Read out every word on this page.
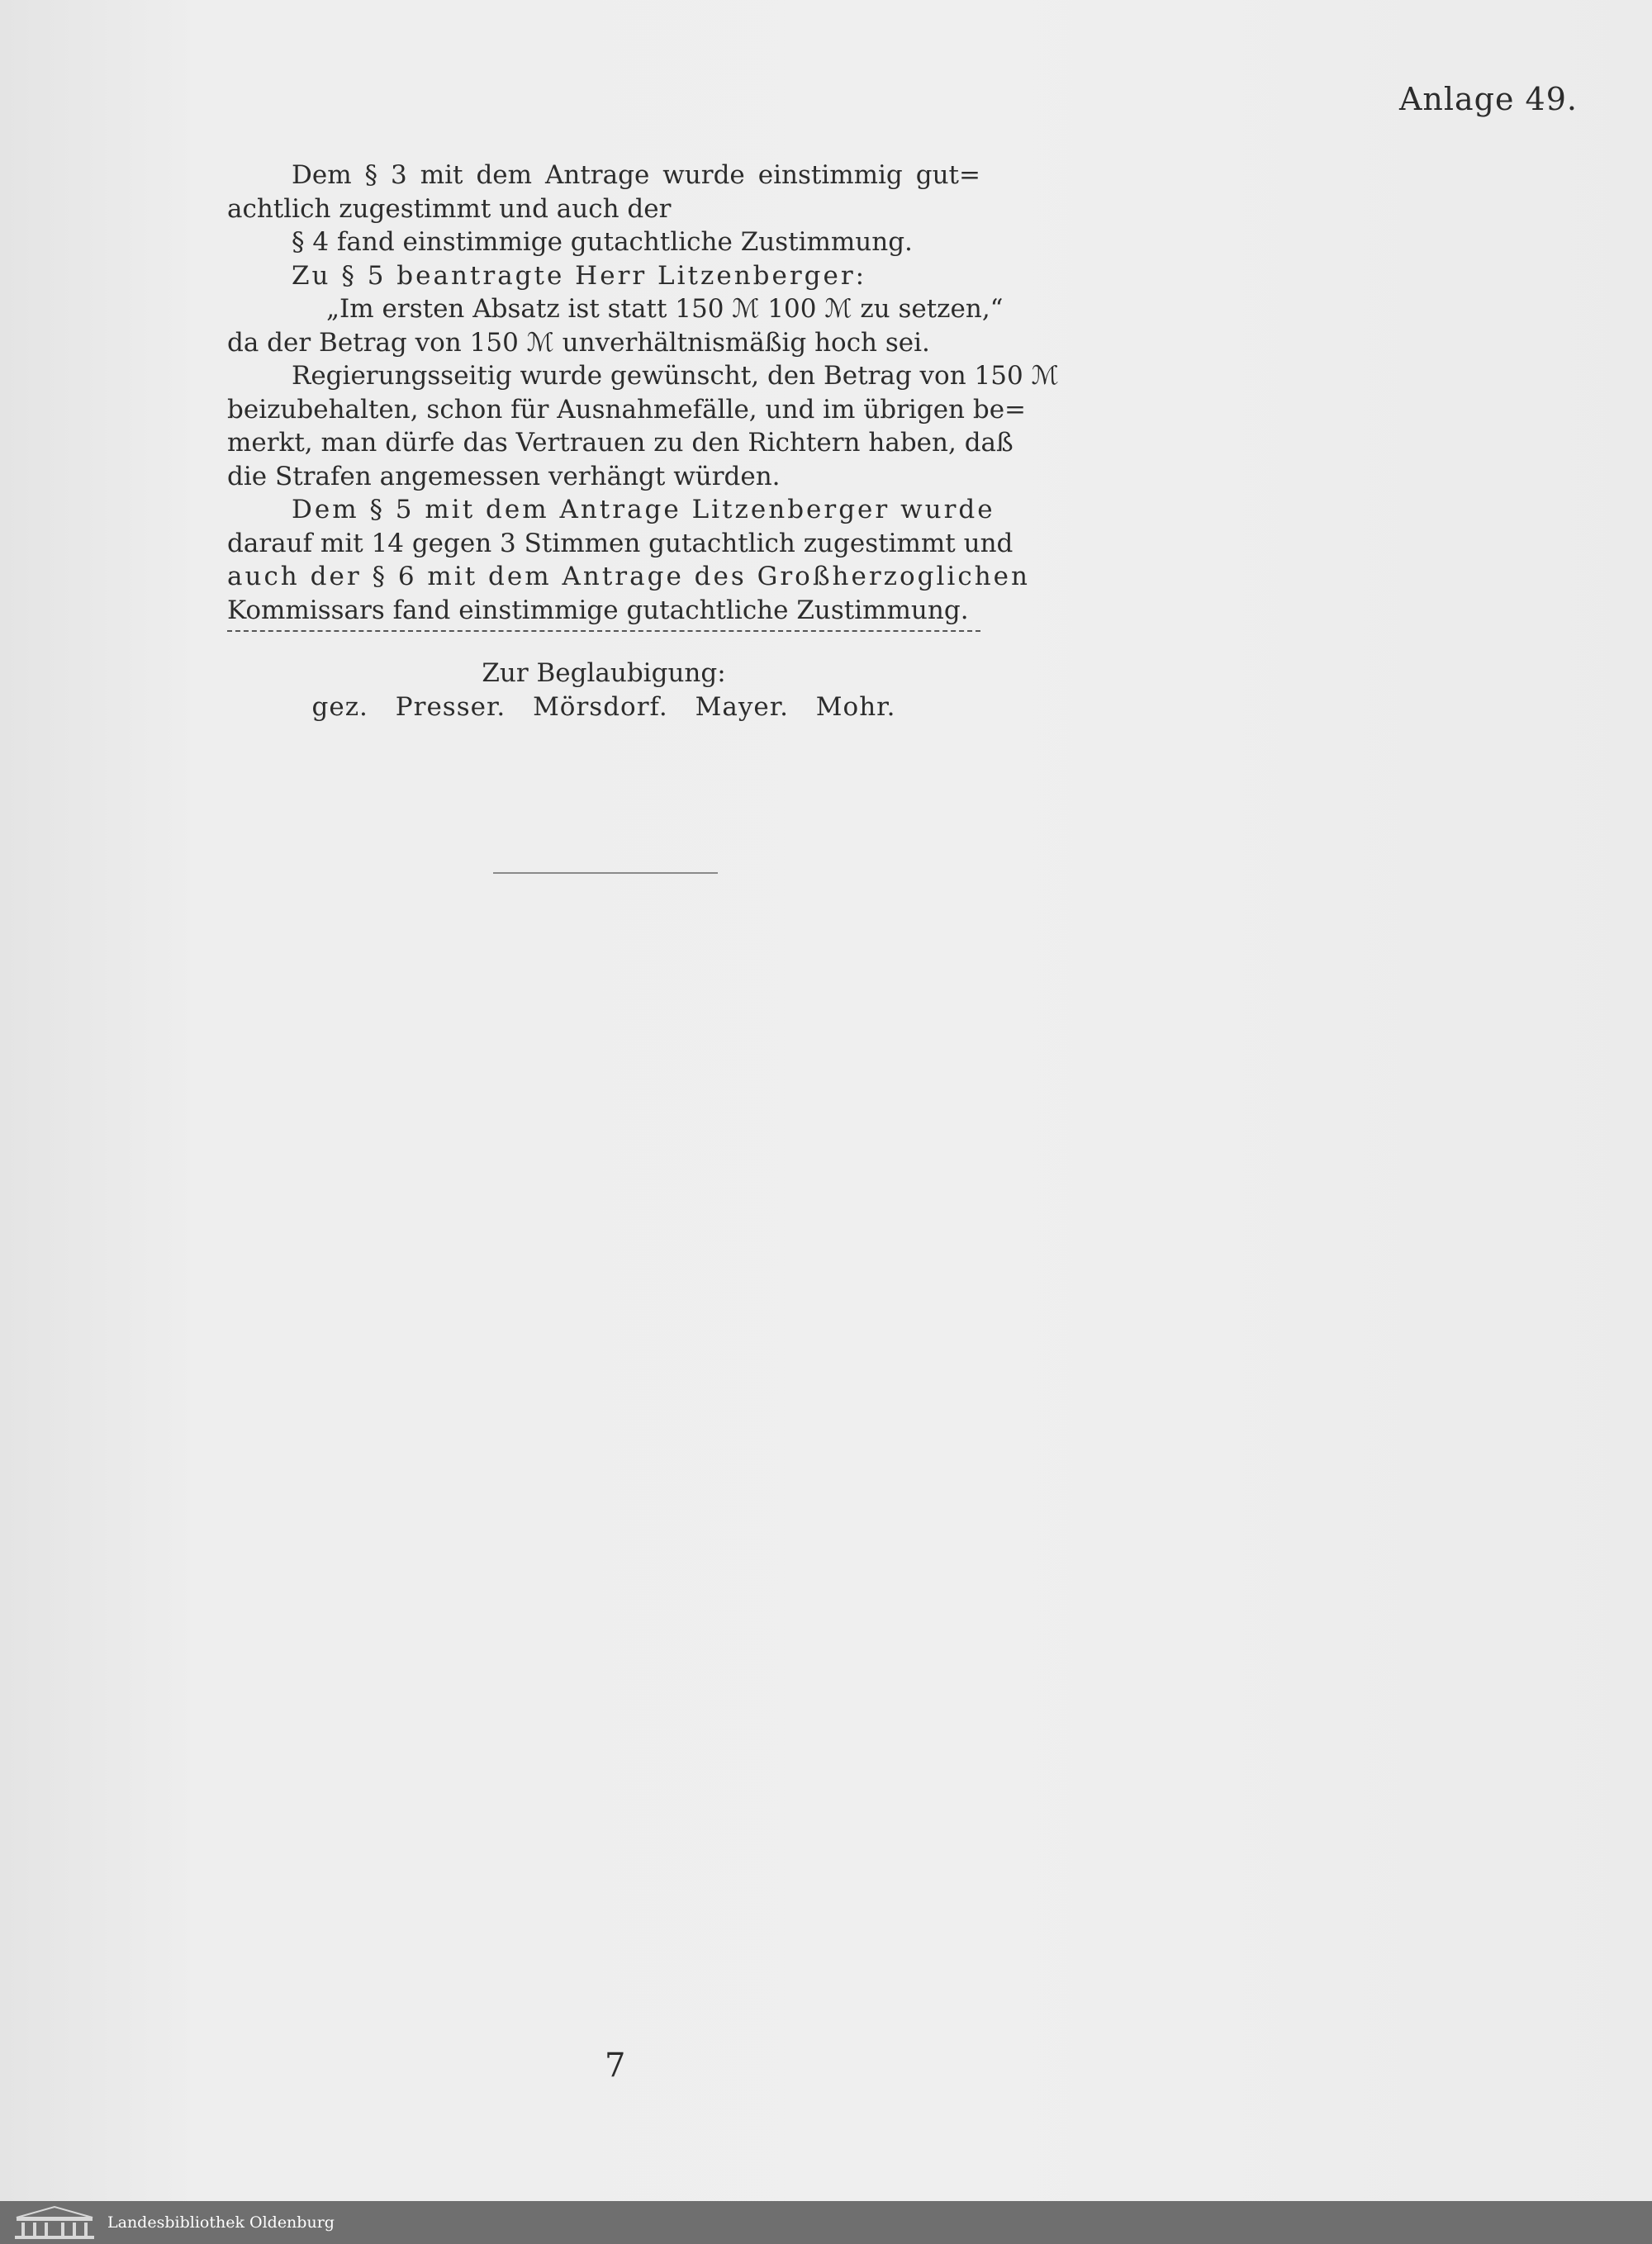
Anlage 49.
Dem § 3 mit dem Antrage wurde einstimmig gut=
achtlich zugestimmt und auch der
§ 4 fand einstimmige gutachtliche Zustimmung.
Zu § 5 beantragte Herr Litzenberger:
„Im ersten Absatz ist statt 150 ℳ 100 ℳ zu setzen,“
da der Betrag von 150 ℳ unverhältnismäßig hoch sei.
Regierungsseitig wurde gewünscht, den Betrag von 150 ℳ
beizubehalten, schon für Ausnahmefälle, und im übrigen be=
merkt, man dürfe das Vertrauen zu den Richtern haben, daß
die Strafen angemessen verhängt würden.
Dem § 5 mit dem Antrage Litzenberger wurde
darauf mit 14 gegen 3 Stimmen gutachtlich zugestimmt und
auch der § 6 mit dem Antrage des Großherzoglichen
Kommissars fand einstimmige gutachtliche Zustimmung.
Zur Beglaubigung:
gez. Presser. Mörsdorf. Mayer. Mohr.
7
Landesbibliothek Oldenburg
